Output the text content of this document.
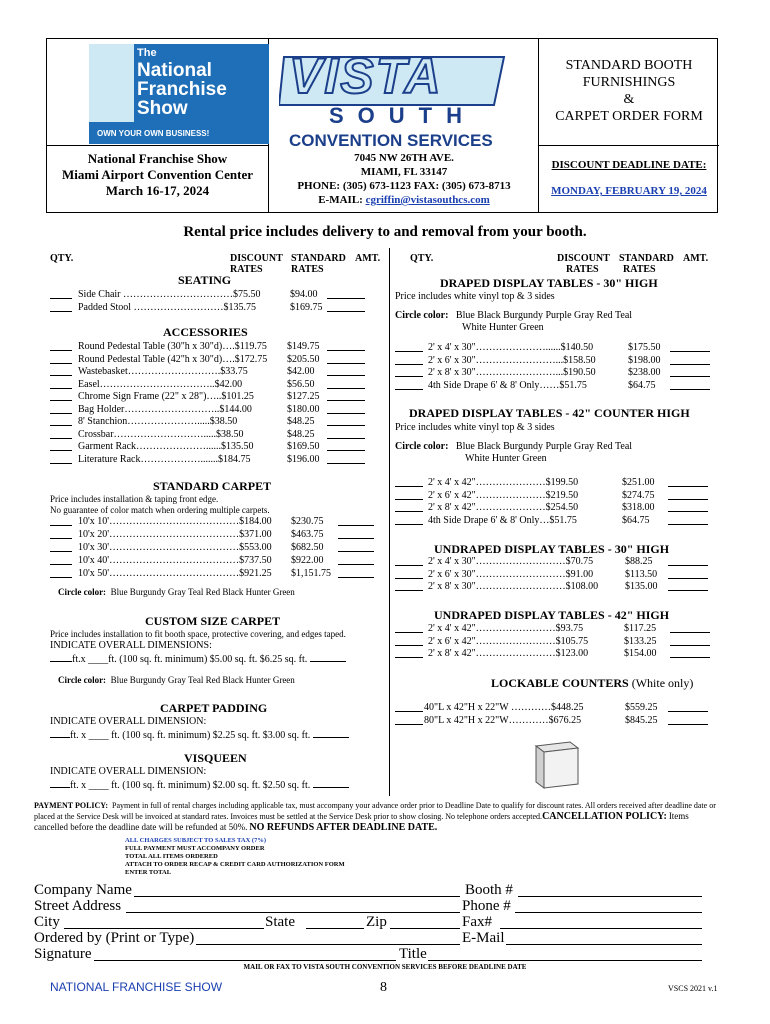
The
National
Franchise
Show
OWN YOUR OWN BUSINESS!
National Franchise Show
Miami Airport Convention Center
March 16-17, 2024
VISTA
SOUTH
CONVENTION SERVICES
7045 NW 26TH AVE.
MIAMI, FL 33147
PHONE: (305) 673-1123 FAX: (305) 673-8713
E-MAIL: cgriffin@vistasouthcs.com
STANDARD BOOTH
FURNISHINGS
&
CARPET ORDER FORM
DISCOUNT DEADLINE DATE:
MONDAY, FEBRUARY 19, 2024
Rental price includes delivery to and removal from your booth.
QTY.	DISCOUNT STANDARD AMT.
RATES	RATES
SEATING
Side Chair ……………………………$75.50	$94.00
Padded Stool ………………………$135.75	$169.75
ACCESSORIES
Round Pedestal Table (30"h x 30"d)….$119.75 $149.75
Round Pedestal Table (42"h x 30"d)….$172.75 $205.50
Wastebasket……………………….$33.75	$42.00
Easel……………………………..$42.00	$56.50
Chrome Sign Frame (22" x 28")…..$101.25	$127.25
Bag Holder………………………..$144.00	$180.00
8' Stanchion………………….....$38.50	$48.25
Crossbar……………………….....$38.50	$48.25
Garment Rack…………………......$135.50	$169.50
Literature Rack……………….......$184.75	$196.00
STANDARD CARPET
Price includes installation & taping front edge.
No guarantee of color match when ordering multiple carpets.
10'x 10'…………………………………$184.00 $230.75
10'x 20'…………………………………$371.00 $463.75
10'x 30'…………………………………$553.00 $682.50
10'x 40'…………………………………$737.50 $922.00
10'x 50'…………………………………$921.25 $1,151.75
Circle color: Blue Burgundy Gray Teal Red Black Hunter Green
CUSTOM SIZE CARPET
Price includes installation to fit booth space, protective covering, and edges taped.
INDICATE OVERALL DIMENSIONS:
ft.x ____ft. (100 sq. ft. minimum) $5.00 sq. ft. $6.25 sq. ft.
Circle color: Blue Burgundy Gray Teal Red Black Hunter Green
CARPET PADDING
INDICATE OVERALL DIMENSION:
ft. x ____ ft. (100 sq. ft. minimum) $2.25 sq. ft. $3.00 sq. ft.
VISQUEEN
INDICATE OVERALL DIMENSION:
ft. x ____ ft. (100 sq. ft. minimum) $2.00 sq. ft. $2.50 sq. ft.
QTY.	DISCOUNT STANDARD AMT.
RATES RATES
DRAPED DISPLAY TABLES - 30" HIGH
Price includes white vinyl top & 3 sides
Circle color: Blue Black Burgundy Purple Gray Red Teal
White Hunter Green
2' x 4' x 30"…………………......$140.50	$175.50
2' x 6' x 30"……………………...$158.50	$198.00
2' x 8' x 30"……………………...$190.50	$238.00
4th Side Drape 6' & 8' Only……$51.75	$64.75
DRAPED DISPLAY TABLES - 42" COUNTER HIGH
Price includes white vinyl top & 3 sides
Circle color: Blue Black Burgundy Purple Gray Red Teal
White Hunter Green
2' x 4' x 42"…………………$199.50	$251.00
2' x 6' x 42"…………………$219.50	$274.75
2' x 8' x 42"…………………$254.50	$318.00
4th Side Drape 6' & 8' Only…$51.75	$64.75
UNDRAPED DISPLAY TABLES - 30" HIGH
2' x 4' x 30"………………………$70.75	$88.25
2' x 6' x 30"………………………$91.00	$113.50
2' x 8' x 30"………………………$108.00	$135.00
UNDRAPED DISPLAY TABLES - 42" HIGH
2' x 4' x 42"……………………$93.75	$117.25
2' x 6' x 42"……………………$105.75	$133.25
2' x 8' x 42"……………………$123.00	$154.00
LOCKABLE COUNTERS (White only)
40"L x 42"H x 22"W …………$448.25	$559.25
80"L x 42"H x 22"W…………$676.25	$845.25
PAYMENT POLICY: Payment in full of rental charges including applicable tax, must accompany your advance order prior to Deadline Date to qualify for discount rates. All orders received after deadline date or placed at the Service Desk will be invoiced at standard rates. Invoices must be settled at the Service Desk prior to show closing. No telephone orders accepted.CANCELLATION POLICY: Items cancelled before the deadline date will be refunded at 50%. NO REFUNDS AFTER DEADLINE DATE.
ALL CHARGES SUBJECT TO SALES TAX (7%)
FULL PAYMENT MUST ACCOMPANY ORDER
TOTAL ALL ITEMS ORDERED
ATTACH TO ORDER RECAP & CREDIT CARD AUTHORIZATION FORM
ENTER TOTAL
Company Name	Booth #
Street Address	Phone #
City	State	Zip	Fax#
Ordered by (Print or Type)	E-Mail
Signature	Title
MAIL OR FAX TO VISTA SOUTH CONVENTION SERVICES BEFORE DEADLINE DATE
NATIONAL FRANCHISE SHOW	8	VSCS 2021 v.1
